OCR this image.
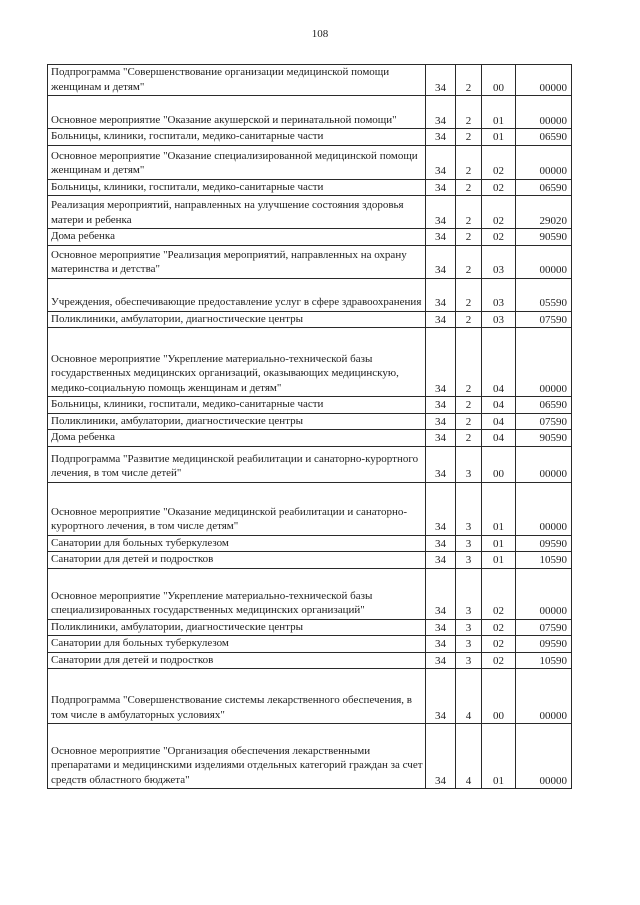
108
Подпрограмма "Совершенствование организации медицинской помощи женщинам и детям"	34	2	00	00000
Основное мероприятие "Оказание акушерской и перинатальной помощи"	34	2	01	00000
Больницы, клиники, госпитали, медико-санитарные части	34	2	01	06590
Основное мероприятие "Оказание специализированной медицинской помощи женщинам и детям"	34	2	02	00000
Больницы, клиники, госпитали, медико-санитарные части	34	2	02	06590
Реализация мероприятий, направленных на улучшение состояния здоровья матери и ребенка	34	2	02	29020
Дома ребенка	34	2	02	90590
Основное мероприятие "Реализация мероприятий, направленных на охрану материнства и детства"	34	2	03	00000
Учреждения, обеспечивающие предоставление услуг в сфере здравоохранения	34	2	03	05590
Поликлиники, амбулатории, диагностические центры	34	2	03	07590
Основное мероприятие "Укрепление материально-технической базы государственных медицинских организаций, оказывающих медицинскую, медико-социальную помощь женщинам и детям"	34	2	04	00000
Больницы, клиники, госпитали, медико-санитарные части	34	2	04	06590
Поликлиники, амбулатории, диагностические центры	34	2	04	07590
Дома ребенка	34	2	04	90590
Подпрограмма "Развитие медицинской реабилитации и санаторно-курортного лечения, в том числе детей"	34	3	00	00000
Основное мероприятие "Оказание медицинской реабилитации и санаторно-курортного лечения, в том числе детям"	34	3	01	00000
Санатории для больных туберкулезом	34	3	01	09590
Санатории для детей и подростков	34	3	01	10590
Основное мероприятие "Укрепление материально-технической базы специализированных государственных медицинских организаций"	34	3	02	00000
Поликлиники, амбулатории, диагностические центры	34	3	02	07590
Санатории для больных туберкулезом	34	3	02	09590
Санатории для детей и подростков	34	3	02	10590
Подпрограмма "Совершенствование системы лекарственного обеспечения, в том числе в амбулаторных условиях"	34	4	00	00000
Основное мероприятие "Организация обеспечения лекарственными препаратами и медицинскими изделиями отдельных категорий граждан за счет средств областного бюджета"	34	4	01	00000
